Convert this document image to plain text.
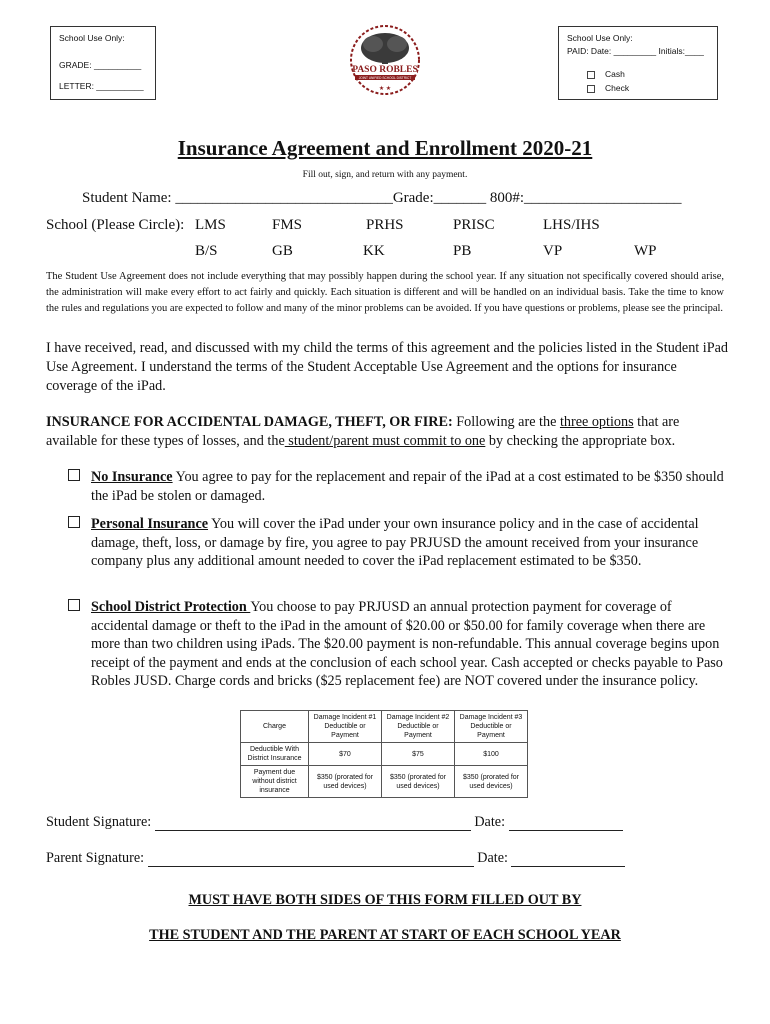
School Use Only:
GRADE: __________
LETTER: __________
PASO ROBLES
JOINT UNIFIED SCHOOL DISTRICT
★ ★
School Use Only:
PAID: Date: _________ Initials:____
Cash
Check
Insurance Agreement and Enrollment 2020-21
Fill out, sign, and return with any payment.
Student Name: _____________________________Grade:_______ 800#:_____________________
School (Please Circle): LMS	FMS	PRHS	PRISC	LHS/IHS
B/S	GB	KK	PB	VP	WP
The Student Use Agreement does not include everything that may possibly happen during the school year. If any situation not specifically covered should arise, the administration will make every effort to act fairly and quickly. Each situation is different and will be handled on an individual basis. Take the time to know the rules and regulations you are expected to follow and many of the minor problems can be avoided. If you have questions or problems, please see the principal.
I have received, read, and discussed with my child the terms of this agreement and the policies listed in the Student iPad Use Agreement. I understand the terms of the Student Acceptable Use Agreement and the options for insurance coverage of the iPad.
INSURANCE FOR ACCIDENTAL DAMAGE, THEFT, OR FIRE: Following are the three options that are available for these types of losses, and the student/parent must commit to one by checking the appropriate box.
No Insurance You agree to pay for the replacement and repair of the iPad at a cost estimated to be $350 should the iPad be stolen or damaged.
Personal Insurance You will cover the iPad under your own insurance policy and in the case of accidental damage, theft, loss, or damage by fire, you agree to pay PRJUSD the amount received from your insurance company plus any additional amount needed to cover the iPad replacement estimated to be $350.
School District Protection You choose to pay PRJUSD an annual protection payment for coverage of accidental damage or theft to the iPad in the amount of $20.00 or $50.00 for family coverage when there are more than two children using iPads. The $20.00 payment is non-refundable. This annual coverage begins upon receipt of the payment and ends at the conclusion of each school year. Cash accepted or checks payable to Paso Robles JUSD. Charge cords and bricks ($25 replacement fee) are NOT covered under the insurance policy.
Charge	Damage Incident #1 Deductible or Payment	Damage Incident #2 Deductible or Payment	Damage Incident #3 Deductible or Payment
Deductible With District Insurance	$70	$75	$100
Payment due without district insurance	$350 (prorated for used devices)	$350 (prorated for used devices)	$350 (prorated for used devices)
Student Signature:	Date:
Parent Signature:	Date:
MUST HAVE BOTH SIDES OF THIS FORM FILLED OUT BY
THE STUDENT AND THE PARENT AT START OF EACH SCHOOL YEAR
